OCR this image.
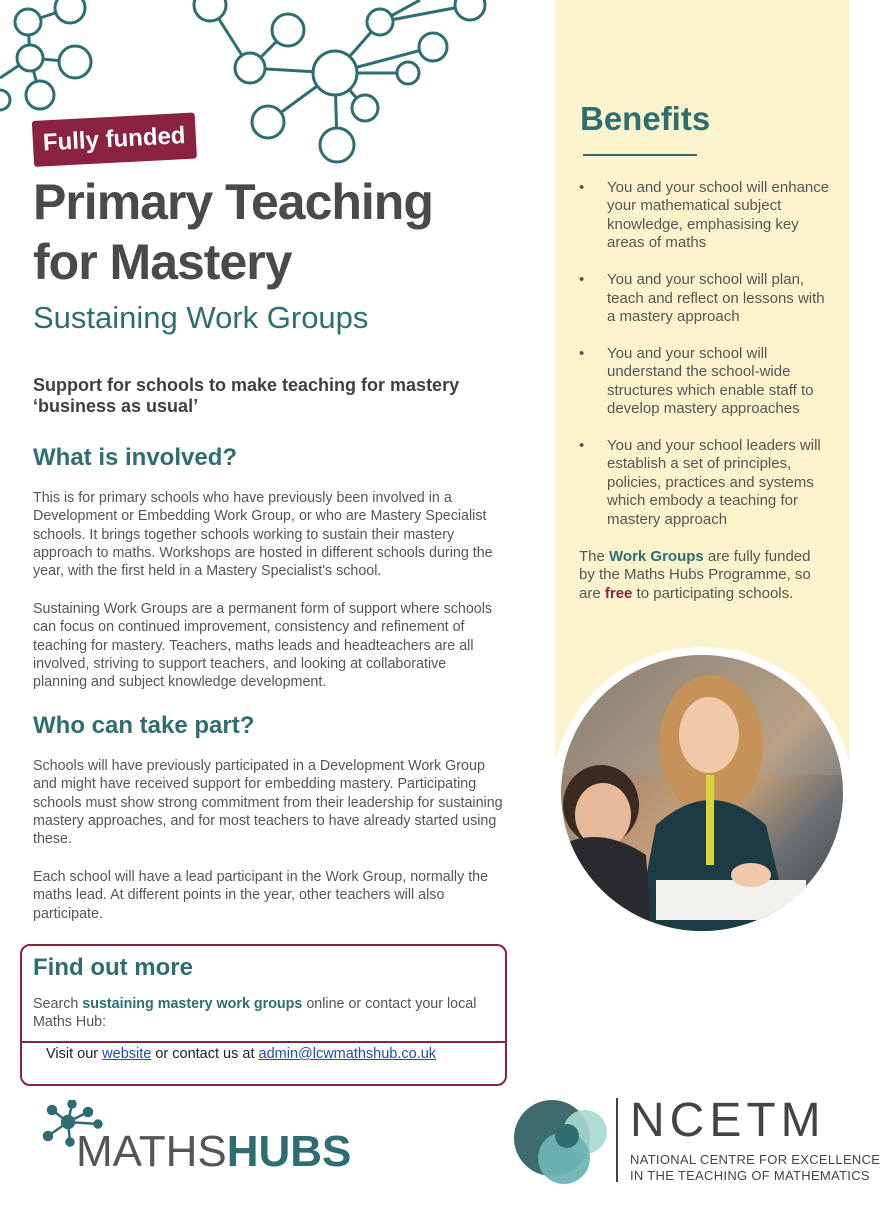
Benefits
• You and your school will enhance your mathematical subject knowledge, emphasising key areas of maths
• You and your school will plan, teach and reflect on lessons with a mastery approach
• You and your school will understand the school-wide structures which enable staff to develop mastery approaches
• You and your school leaders will establish a set of principles, policies, practices and systems which embody a teaching for mastery approach
The Work Groups are fully funded by the Maths Hubs Programme, so are free to participating schools.
Fully funded
Primary Teaching
for Mastery
Sustaining Work Groups
Support for schools to make teaching for mastery ‘business as usual’
What is involved?

This is for primary schools who have previously been involved in a Development or Embedding Work Group, or who are Mastery Specialist schools. It brings together schools working to sustain their mastery approach to maths. Workshops are hosted in different schools during the year, with the first held in a Mastery Specialist's school.

Sustaining Work Groups are a permanent form of support where schools can focus on continued improvement, consistency and refinement of teaching for mastery. Teachers, maths leads and headteachers are all involved, striving to support teachers, and looking at collaborative planning and subject knowledge development.

Who can take part?

Schools will have previously participated in a Development Work Group and might have received support for embedding mastery. Participating schools must show strong commitment from their leadership for sustaining mastery approaches, and for most teachers to have already started using these.

Each school will have a lead participant in the Work Group, normally the maths lead. At different points in the year, other teachers will also participate.

Find out more
Search sustaining mastery work groups online or contact your local Maths Hub:
Visit our website or contact us at admin@lcwmathshub.co.uk
MATHSHUBS
NCETM
NATIONAL CENTRE FOR EXCELLENCE
IN THE TEACHING OF MATHEMATICS
